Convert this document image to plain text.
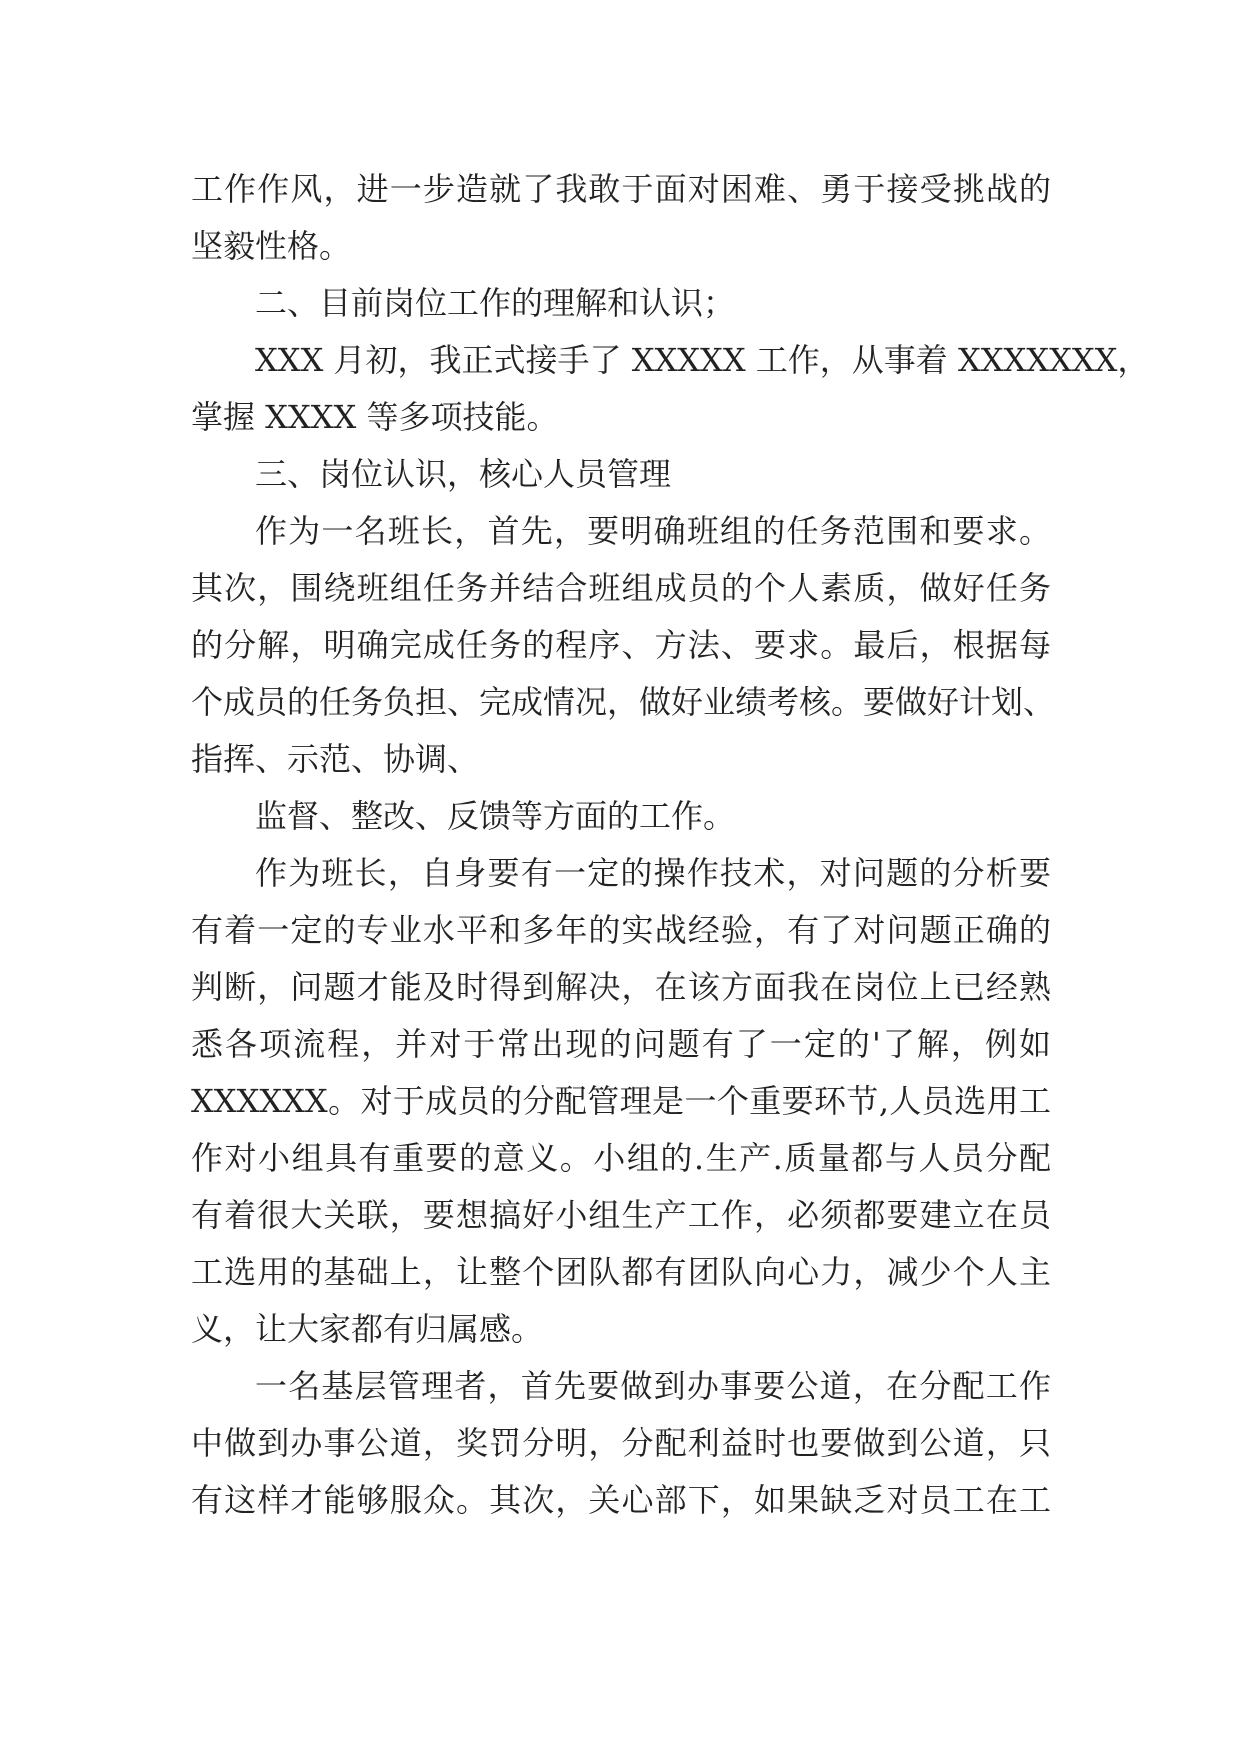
工作作风，进一步造就了我敢于面对困难、勇于接受挑战的
坚毅性格。
二、目前岗位工作的理解和认识；
XXX 月初，我正式接手了 XXXXX 工作，从事着 XXXXXXX，
掌握 XXXX 等多项技能。
三、岗位认识，核心人员管理
作为一名班长，首先，要明确班组的任务范围和要求。
其次，围绕班组任务并结合班组成员的个人素质，做好任务
的分解，明确完成任务的程序、方法、要求。最后，根据每
个成员的任务负担、完成情况，做好业绩考核。要做好计划、
指挥、示范、协调、
监督、整改、反馈等方面的工作。
作为班长，自身要有一定的操作技术，对问题的分析要
有着一定的专业水平和多年的实战经验，有了对问题正确的
判断，问题才能及时得到解决，在该方面我在岗位上已经熟
悉各项流程，并对于常出现的问题有了一定的'了解，例如
XXXXXX。对于成员的分配管理是一个重要环节,人员选用工
作对小组具有重要的意义。小组的.生产.质量都与人员分配
有着很大关联，要想搞好小组生产工作，必须都要建立在员
工选用的基础上，让整个团队都有团队向心力，减少个人主
义，让大家都有归属感。
一名基层管理者，首先要做到办事要公道，在分配工作
中做到办事公道，奖罚分明，分配利益时也要做到公道，只
有这样才能够服众。其次，关心部下，如果缺乏对员工在工
